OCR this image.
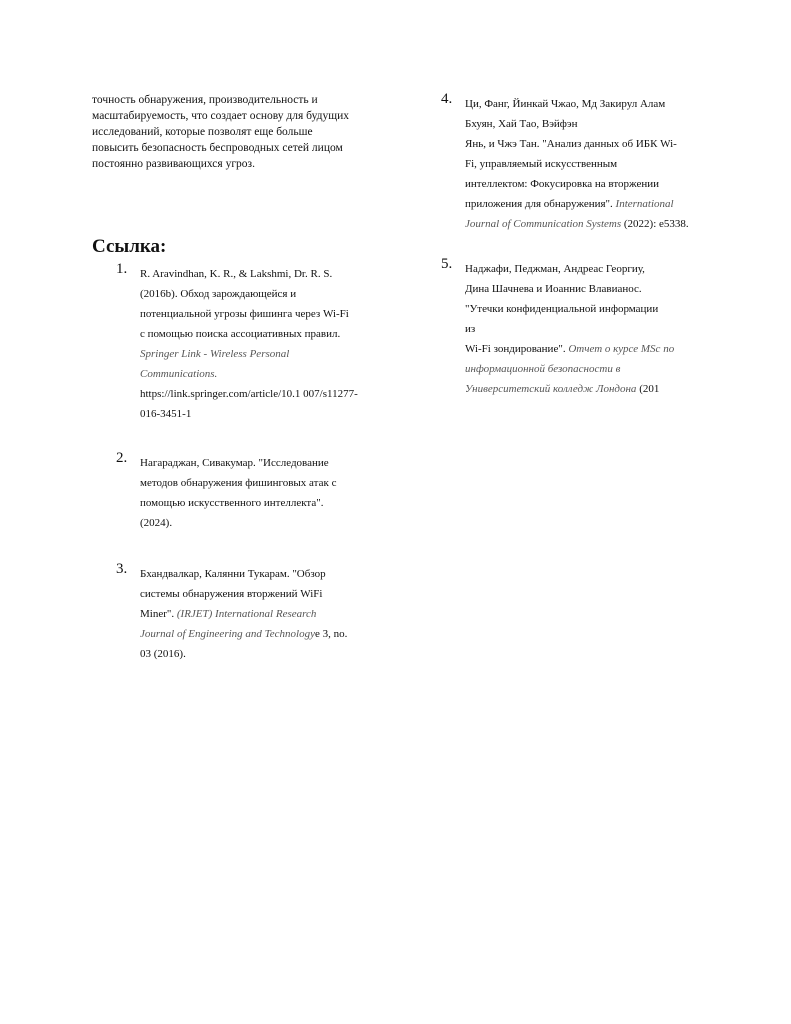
точность обнаружения, производительность и
масштабируемость, что создает основу для будущих
исследований, которые позволят еще больше
повысить безопасность беспроводных сетей лицом
постоянно развивающихся угроз.

Ссылка:
1. R. Aravindhan, K. R., & Lakshmi, Dr. R. S.
(2016b). Обход зарождающейся и
потенциальной угрозы фишинга через Wi-Fi
с помощью поиска ассоциативных правил.
Springer Link - Wireless Personal
Communications.
https://link.springer.com/article/10.1 007/s11277-
016-3451-1
2. Нагараджан, Сивакумар. "Исследование
методов обнаружения фишинговых атак с
помощью искусственного интеллекта".
(2024).
3. Бхандвалкар, Калянни Тукарам. "Обзор
системы обнаружения вторжений WiFi
Miner". (IRJET) International Research
Journal of Engineering and Technologye 3, no.
03 (2016).
4. Ци, Фанг, Йинкай Чжао, Мд Закирул Алам
Бхуян, Хай Тао, Вэйфэн
Янь, и Чжэ Тан. "Анализ данных об ИБК Wi-
Fi, управляемый искусственным
интеллектом: Фокусировка на вторжении
приложения для обнаружения". International
Journal of Communication Systems (2022): e5338.
5. Наджафи, Педжман, Андреас Георгиу,
Дина Шачнева и Иоаннис Влавианос.
"Утечки конфиденциальной информации
из
Wi-Fi зондирование". Отчет о курсе MSc по
информационной безопасности в
Университетский колледж Лондона (201
